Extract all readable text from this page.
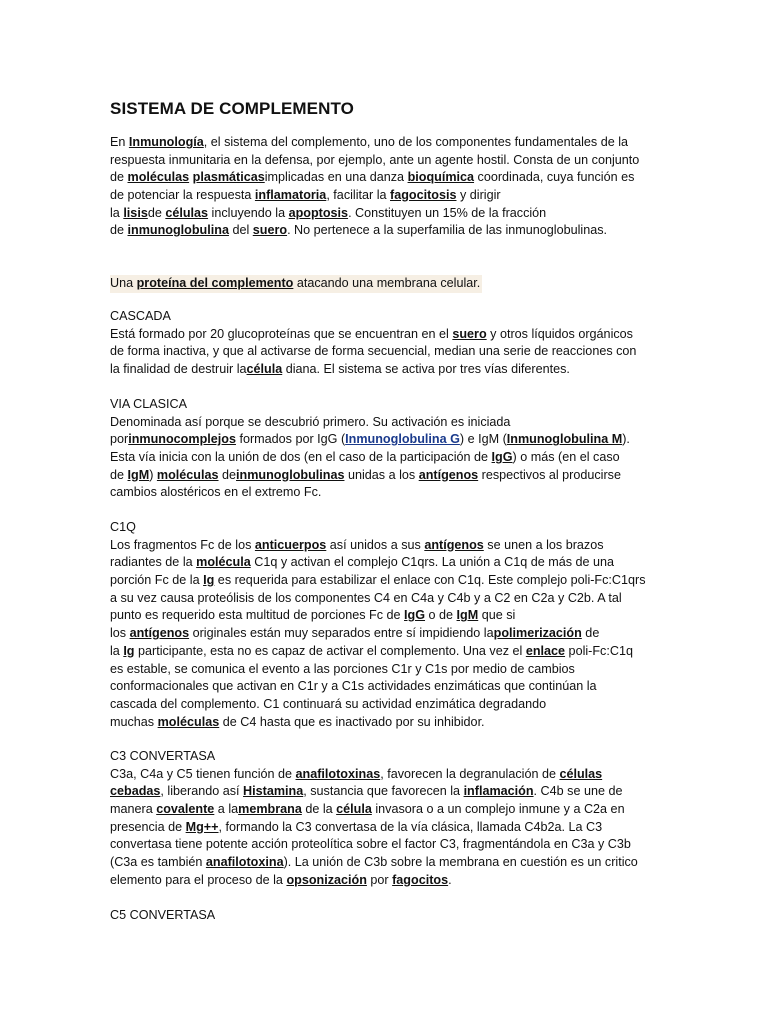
SISTEMA DE COMPLEMENTO
En Inmunología, el sistema del complemento, uno de los componentes fundamentales de la
respuesta inmunitaria en la defensa, por ejemplo, ante un agente hostil. Consta de un conjunto
de moléculas plasmáticasimplicadas en una danza bioquímica coordinada, cuya función es
de potenciar la respuesta inflamatoria, facilitar la fagocitosis y dirigir
la lisisde células incluyendo la apoptosis. Constituyen un 15% de la fracción
de inmunoglobulina del suero. No pertenece a la superfamilia de las inmunoglobulinas.
Una proteína del complemento atacando una membrana celular.
CASCADA
Está formado por 20 glucoproteínas que se encuentran en el suero y otros líquidos orgánicos
de forma inactiva, y que al activarse de forma secuencial, median una serie de reacciones con
la finalidad de destruir lacélula diana. El sistema se activa por tres vías diferentes.
VIA CLASICA
Denominada así porque se descubrió primero. Su activación es iniciada
porinmunocomplejos formados por IgG (Inmunoglobulina G) e IgM (Inmunoglobulina M).
Esta vía inicia con la unión de dos (en el caso de la participación de IgG) o más (en el caso
de IgM) moléculas deinmunoglobulinas unidas a los antígenos respectivos al producirse
cambios alostéricos en el extremo Fc.
C1Q
Los fragmentos Fc de los anticuerpos así unidos a sus antígenos se unen a los brazos
radiantes de la molécula C1q y activan el complejo C1qrs. La unión a C1q de más de una
porción Fc de la Ig es requerida para estabilizar el enlace con C1q. Este complejo poli-Fc:C1qrs
a su vez causa proteólisis de los componentes C4 en C4a y C4b y a C2 en C2a y C2b. A tal
punto es requerido esta multitud de porciones Fc de IgG o de IgM que si
los antígenos originales están muy separados entre sí impidiendo lapolimerización de
la Ig participante, esta no es capaz de activar el complemento. Una vez el enlace poli-Fc:C1q
es estable, se comunica el evento a las porciones C1r y C1s por medio de cambios
conformacionales que activan en C1r y a C1s actividades enzimáticas que continúan la
cascada del complemento. C1 continuará su actividad enzimática degradando
muchas moléculas de C4 hasta que es inactivado por su inhibidor.
C3 CONVERTASA
C3a, C4a y C5 tienen función de anafilotoxinas, favorecen la degranulación de células
cebadas, liberando así Histamina, sustancia que favorecen la inflamación. C4b se une de
manera covalente a lamembrana de la célula invasora o a un complejo inmune y a C2a en
presencia de Mg++, formando la C3 convertasa de la vía clásica, llamada C4b2a. La C3
convertasa tiene potente acción proteolítica sobre el factor C3, fragmentándola en C3a y C3b
(C3a es también anafilotoxina). La unión de C3b sobre la membrana en cuestión es un critico
elemento para el proceso de la opsonización por fagocitos.
C5 CONVERTASA
